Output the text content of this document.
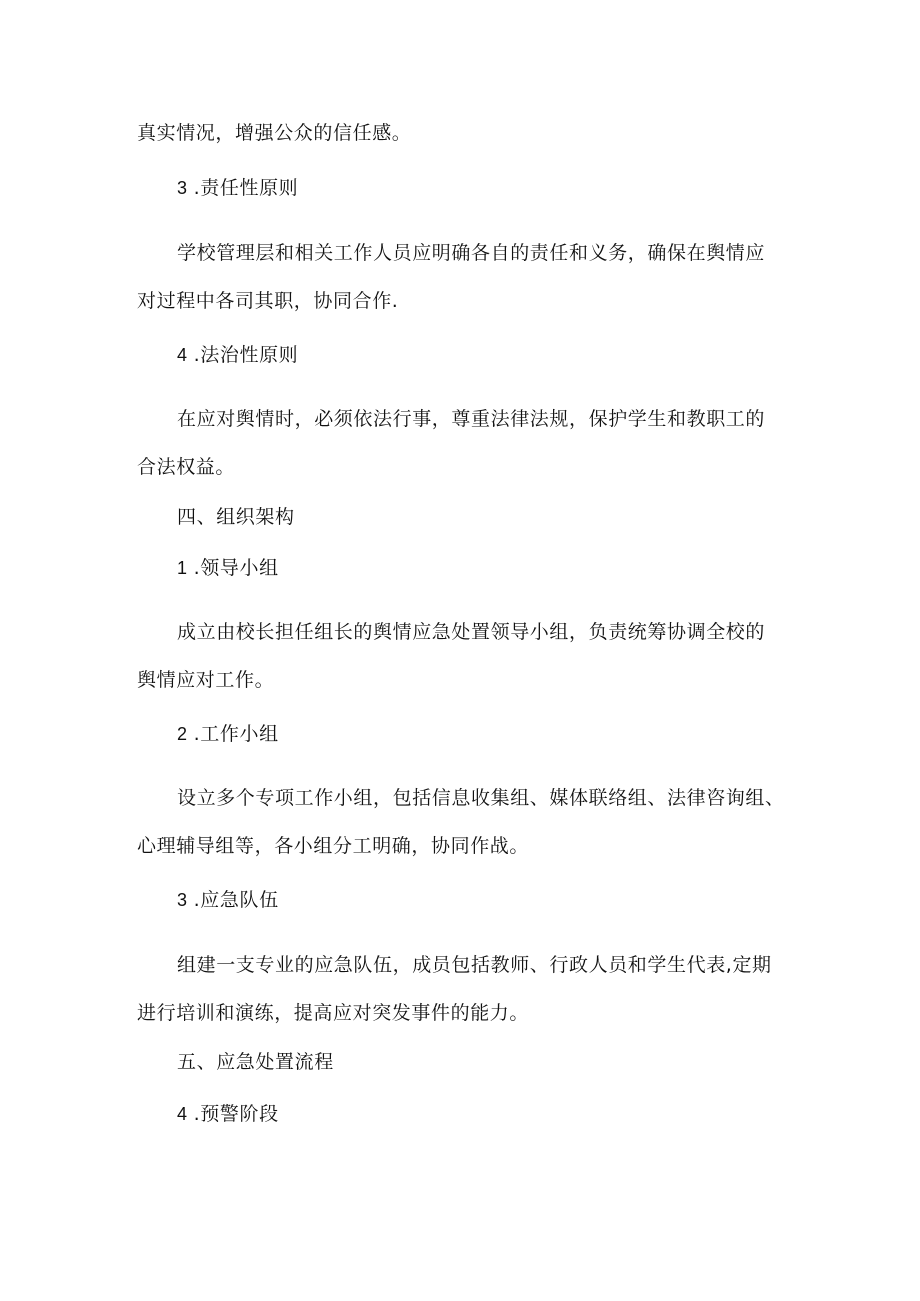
真实情况，增强公众的信任感。
3 .责任性原则
学校管理层和相关工作人员应明确各自的责任和义务，确保在舆情应
对过程中各司其职，协同合作.
4 .法治性原则
在应对舆情时，必须依法行事，尊重法律法规，保护学生和教职工的
合法权益。
四、组织架构
1 .领导小组
成立由校长担任组长的舆情应急处置领导小组，负责统筹协调全校的
舆情应对工作。
2 .工作小组
设立多个专项工作小组，包括信息收集组、媒体联络组、法律咨询组、
心理辅导组等，各小组分工明确，协同作战。
3 .应急队伍
组建一支专业的应急队伍，成员包括教师、行政人员和学生代表,定期
进行培训和演练，提高应对突发事件的能力。
五、应急处置流程
4 .预警阶段
